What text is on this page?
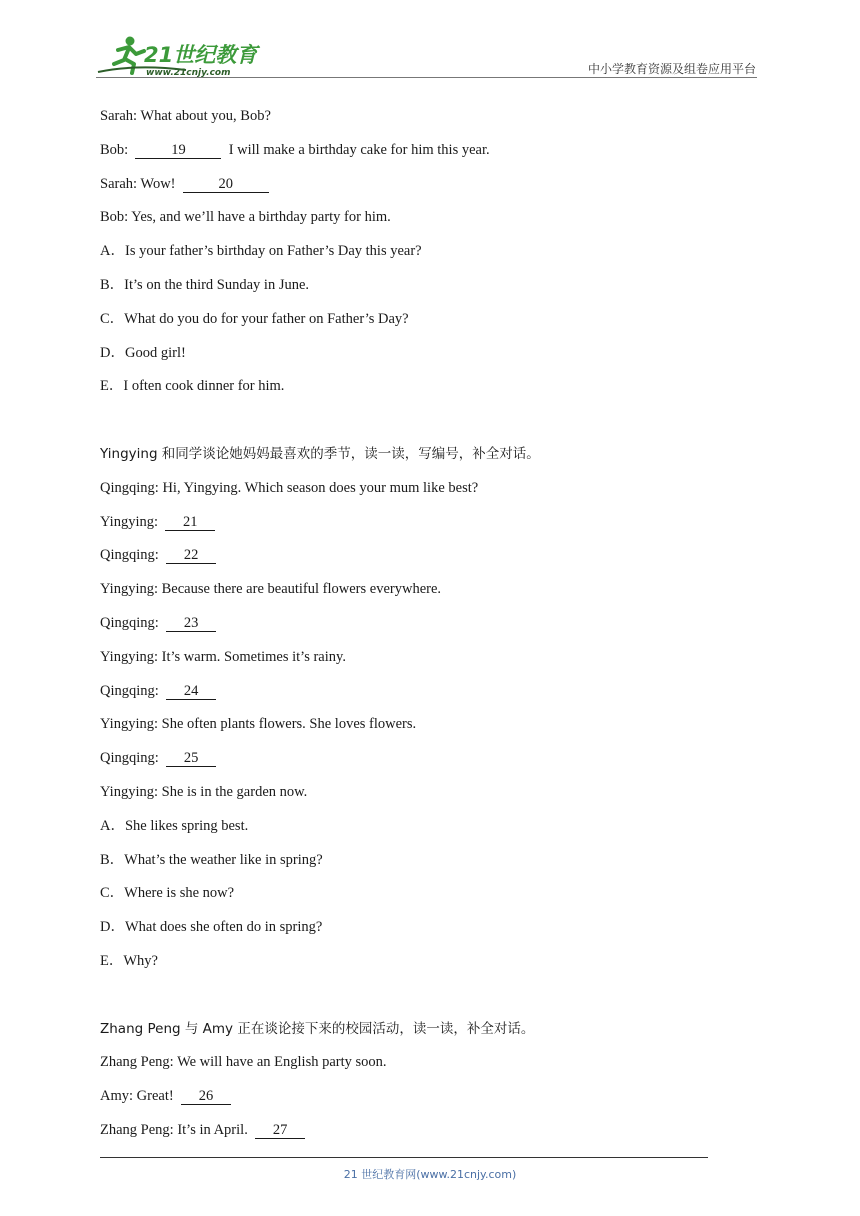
21世纪教育
www.21cnjy.com	中小学教育资源及组卷应用平台
Sarah: What about you, Bob?
Bob:	19	I will make a birthday cake for him this year.
Sarah: Wow!	20
Bob: Yes, and we’ll have a birthday party for him.
A．Is your father’s birthday on Father’s Day this year?
B．It’s on the third Sunday in June.
C．What do you do for your father on Father’s Day?
D．Good girl!
E．I often cook dinner for him.
Yingying 和同学谈论她妈妈最喜欢的季节，读一读，写编号，补全对话。
Qingqing: Hi, Yingying. Which season does your mum like best?
Yingying: 21
Qingqing: 22
Yingying: Because there are beautiful flowers everywhere.
Qingqing: 23
Yingying: It’s warm. Sometimes it’s rainy.
Qingqing: 24
Yingying: She often plants flowers. She loves flowers.
Qingqing: 25
Yingying: She is in the garden now.
A．She likes spring best.
B．What’s the weather like in spring?
C．Where is she now?
D．What does she often do in spring?
E．Why?
Zhang Peng 与 Amy 正在谈论接下来的校园活动，读一读，补全对话。
Zhang Peng: We will have an English party soon.
Amy: Great! 26
Zhang Peng: It’s in April. 27
21 世纪教育网(www.21cnjy.com)
